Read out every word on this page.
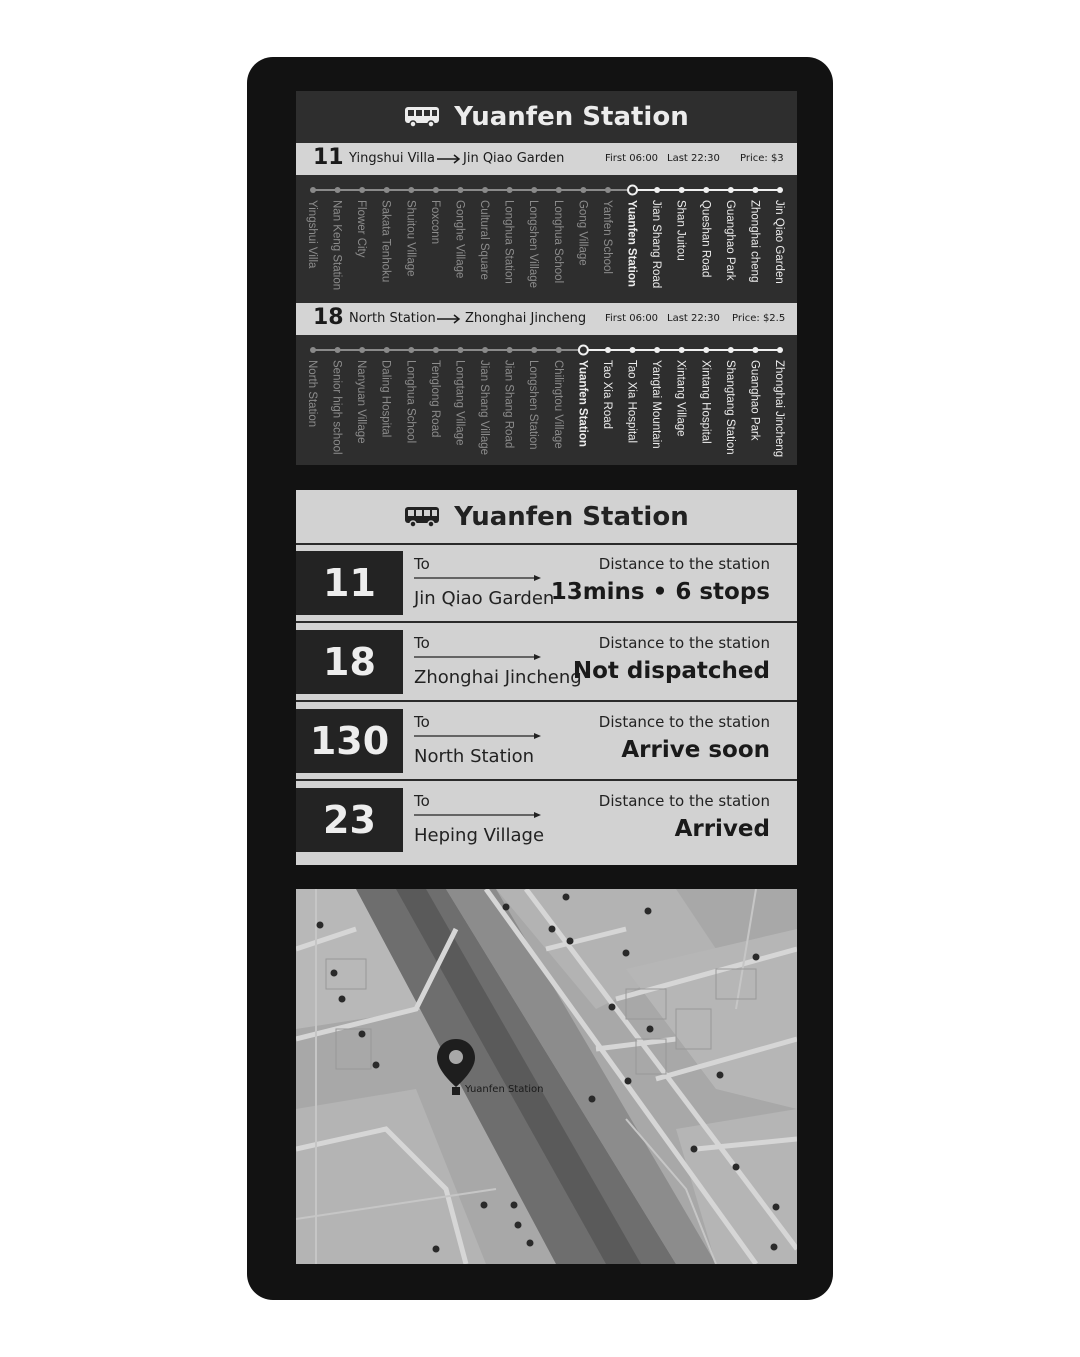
Yuanfen Station
11 Yingshui Villa Jin Qiao Garden	First 06:00 Last 22:30 Price: $3
Yingshui Villa Nan Keng Station Flower City Sakata Tenhoku Shuitou Village Foxconn Gonghe Village Cultural Square Longhua Station Longshen Village Longhua School Gong Village Yanfen School Yuanfen Station Jian Shang Road Shan Juitou Queshan Road Guanghao Park Zhonghai cheng Jin Qiao Garden
18 North Station Zhonghai Jincheng First 06:00 Last 22:30 Price: $2.5
North Station Senior high school Nanyuan Village Daling Hospital Longhua School Tenglong Road Longtang Village Jian Shang Village Jian Shang Road Longshen Station Chilingtou Village Yuanfen Station Tao Xia Road Tao Xia Hospital Yangtai Mountain Xintang Village Xintang Hospital Shangtang Station Guanghao Park Zhonghai Jincheng
Yuanfen Station
11	To
Jin Qiao Garden
Distance to the station
13mins • 6 stops
18	To
Zhonghai Jincheng
Distance to the station
Not dispatched
130	To
North Station
Distance to the station
Arrive soon
23	To
Heping Village
Distance to the station
Arrived
Yuanfen Station
